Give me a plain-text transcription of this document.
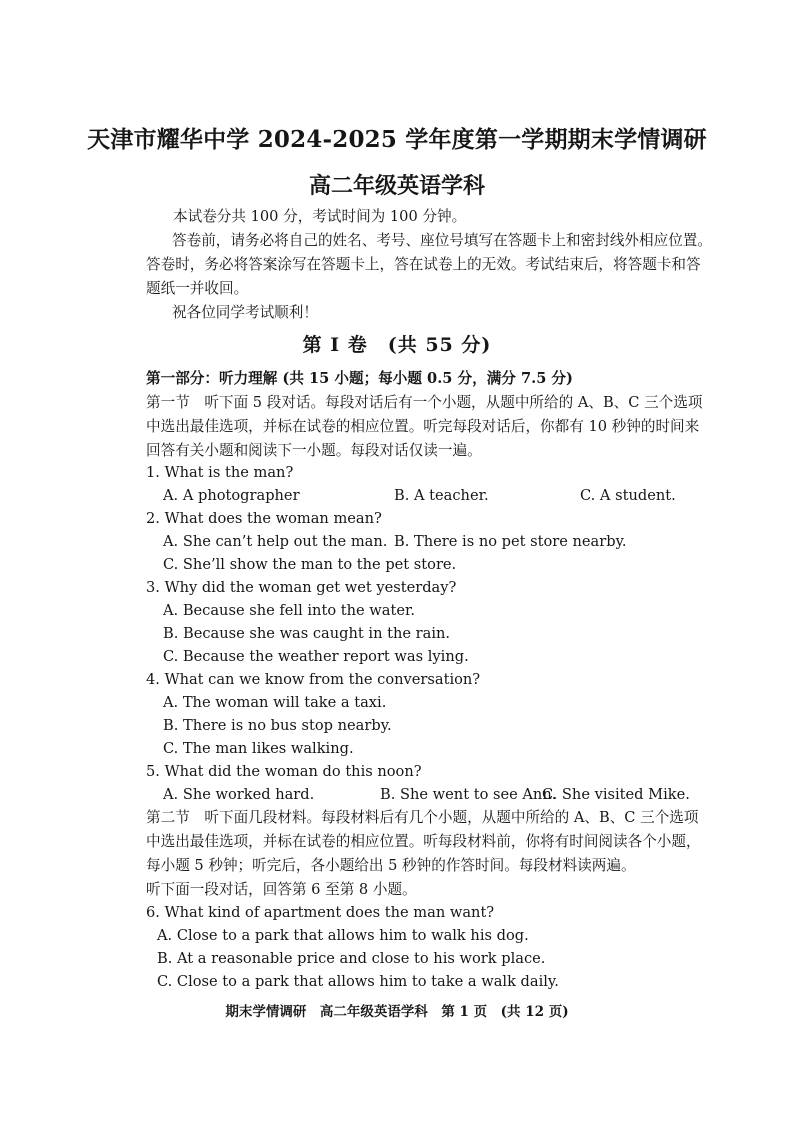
天津市耀华中学 2024-2025 学年度第一学期期末学情调研
高二年级英语学科
本试卷分共 100 分，考试时间为 100 分钟。
答卷前，请务必将自己的姓名、考号、座位号填写在答题卡上和密封线外相应位置。
答卷时，务必将答案涂写在答题卡上，答在试卷上的无效。考试结束后，将答题卡和答
题纸一并收回。
祝各位同学考试顺利！
第 I 卷　(共 55 分)
第一部分：听力理解 (共 15 小题；每小题 0.5 分，满分 7.5 分)
第一节　听下面 5 段对话。每段对话后有一个小题，从题中所给的 A、B、C 三个选项
中选出最佳选项，并标在试卷的相应位置。听完每段对话后，你都有 10 秒钟的时间来
回答有关小题和阅读下一小题。每段对话仅读一遍。
1. What is the man?
A. A photographer	B. A teacher.	C. A student.
2. What does the woman mean?
A. She can’t help out the man. B. There is no pet store nearby.
C. She’ll show the man to the pet store.
3. Why did the woman get wet yesterday?
A. Because she fell into the water.
B. Because she was caught in the rain.
C. Because the weather report was lying.
4. What can we know from the conversation?
A. The woman will take a taxi.
B. There is no bus stop nearby.
C. The man likes walking.
5. What did the woman do this noon?
A. She worked hard.	B. She went to see Ann.
C. She visited Mike.
第二节　听下面几段材料。每段材料后有几个小题，从题中所给的 A、B、C 三个选项
中选出最佳选项，并标在试卷的相应位置。听每段材料前，你将有时间阅读各个小题，
每小题 5 秒钟；听完后，各小题给出 5 秒钟的作答时间。每段材料读两遍。
听下面一段对话，回答第 6 至第 8 小题。
6. What kind of apartment does the man want?
A. Close to a park that allows him to walk his dog.
B. At a reasonable price and close to his work place.
C. Close to a park that allows him to take a walk daily.
期末学情调研　高二年级英语学科　第 1 页　(共 12 页)
